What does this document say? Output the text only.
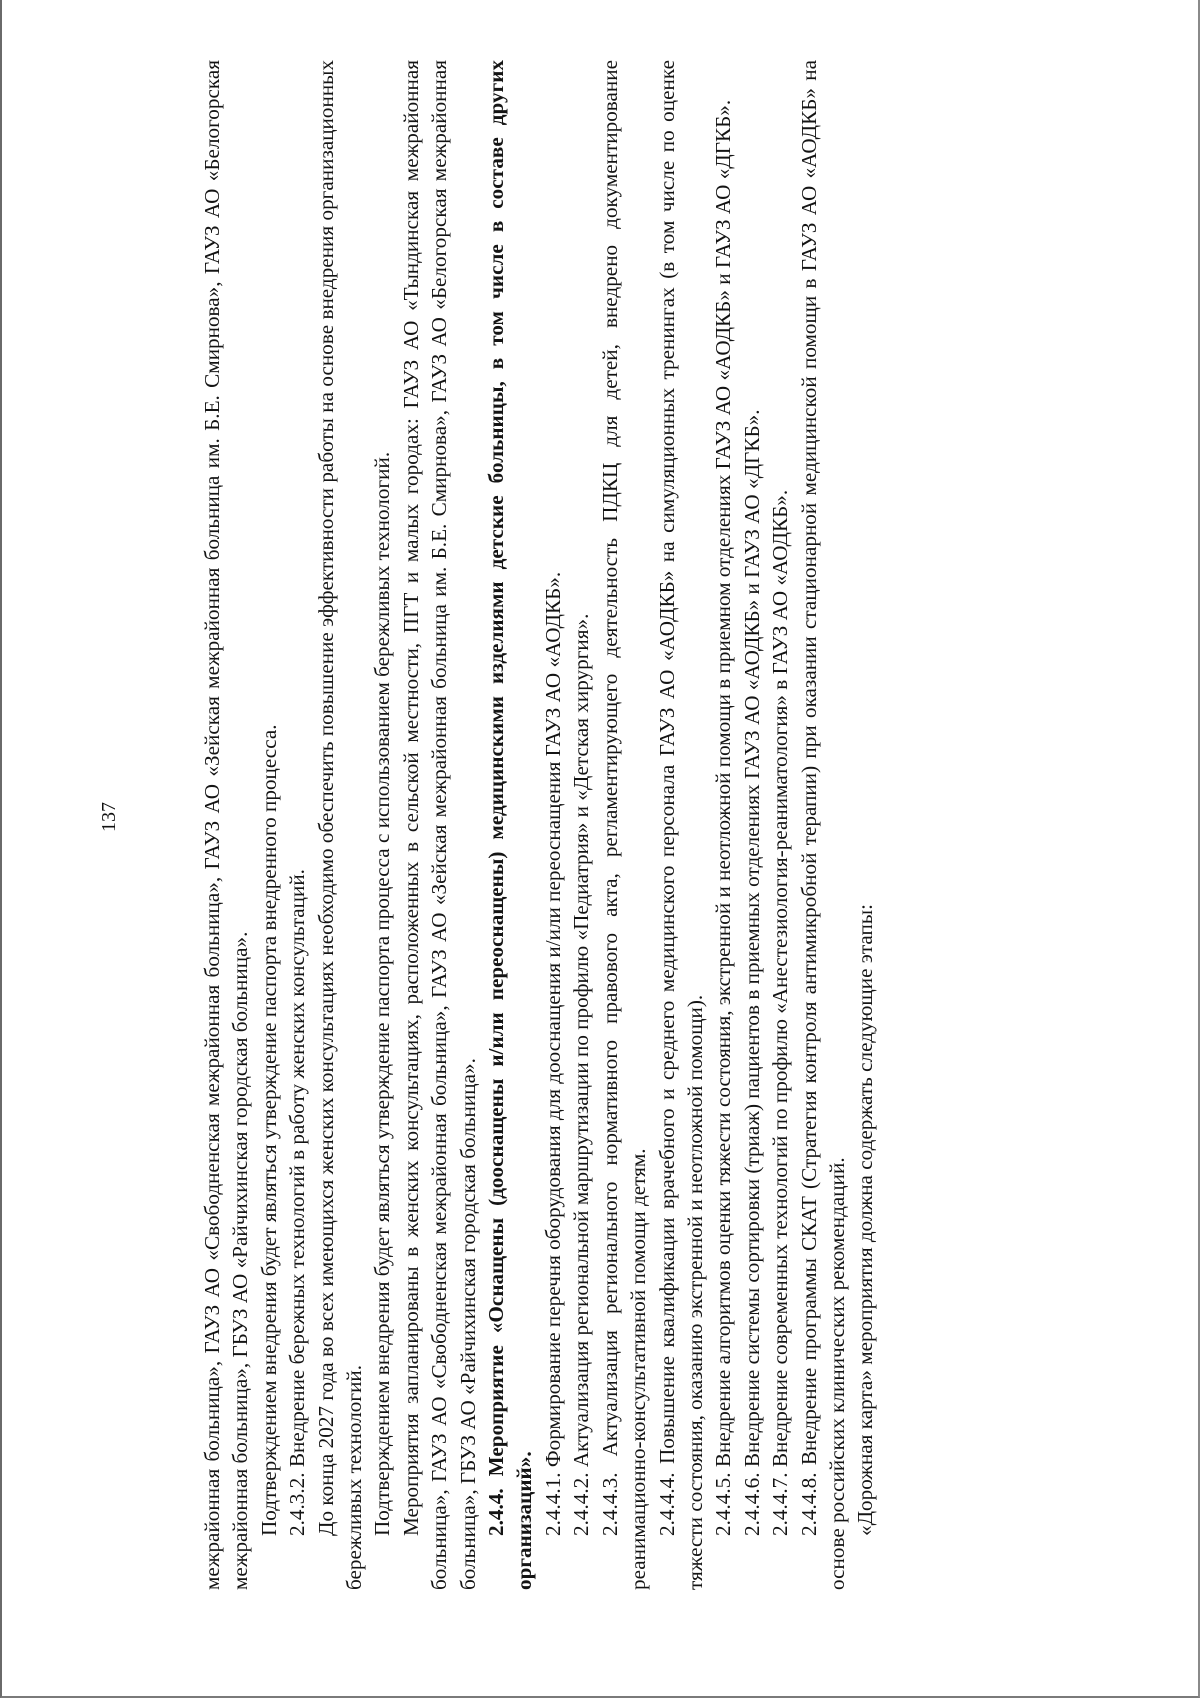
137	межрайонная больница», ГАУЗ АО «Свободненская межрайонная больница», ГАУЗ АО «Зейская межрайонная больница им. Б.Е. Смирнова», ГАУЗ АО «Белогорская межрайонная больница», ГБУЗ АО «Райчихинская городская больница». Подтверждением внедрения будет являться утверждение паспорта внедренного процесса. 2.4.3.2. Внедрение бережных технологий в работу женских консультаций. До конца 2027 года во всех имеющихся женских консультациях необходимо обеспечить повышение эффективности работы на основе внедрения организационных бережливых технологий. Подтверждением внедрения будет являться утверждение паспорта процесса с использованием бережливых технологий. Мероприятия запланированы в женских консультациях, расположенных в сельской местности, ПГТ и малых городах: ГАУЗ АО «Тындинская межрайонная больница», ГАУЗ АО «Свободненская межрайонная больница», ГАУЗ АО «Зейская межрайонная больница им. Б.Е. Смирнова», ГАУЗ АО «Белогорская межрайонная больница», ГБУЗ АО «Райчихинская городская больница». 2.4.4. Мероприятие «Оснащены (дооснащены и/или переоснащены) медицинскими изделиями детские больницы, в том числе в составе других организаций». 2.4.4.1. Формирование перечня оборудования для дооснащения и/или переоснащения ГАУЗ АО «АОДКБ». 2.4.4.2. Актуализация региональной маршрутизации по профилю «Педиатрия» и «Детская хирургия». 2.4.4.3. Актуализация регионального нормативного правового акта, регламентирующего деятельность ПДКЦ для детей, внедрено документирование реанимационно-консультативной помощи детям. 2.4.4.4. Повышение квалификации врачебного и среднего медицинского персонала ГАУЗ АО «АОДКБ» на симуляционных тренингах (в том числе по оценке тяжести состояния, оказанию экстренной и неотложной помощи). 2.4.4.5. Внедрение алгоритмов оценки тяжести состояния, экстренной и неотложной помощи в приемном отделениях ГАУЗ АО «АОДКБ» и ГАУЗ АО «ДГКБ». 2.4.4.6. Внедрение системы сортировки (триаж) пациентов в приемных отделениях ГАУЗ АО «АОДКБ» и ГАУЗ АО «ДГКБ». 2.4.4.7. Внедрение современных технологий по профилю «Анестезиология-реаниматология» в ГАУЗ АО «АОДКБ». 2.4.4.8. Внедрение программы СКАТ (Стратегия контроля антимикробной терапии) при оказании стационарной медицинской помощи в ГАУЗ АО «АОДКБ» на основе российских клинических рекомендаций. «Дорожная карта» мероприятия должна содержать следующие этапы:
